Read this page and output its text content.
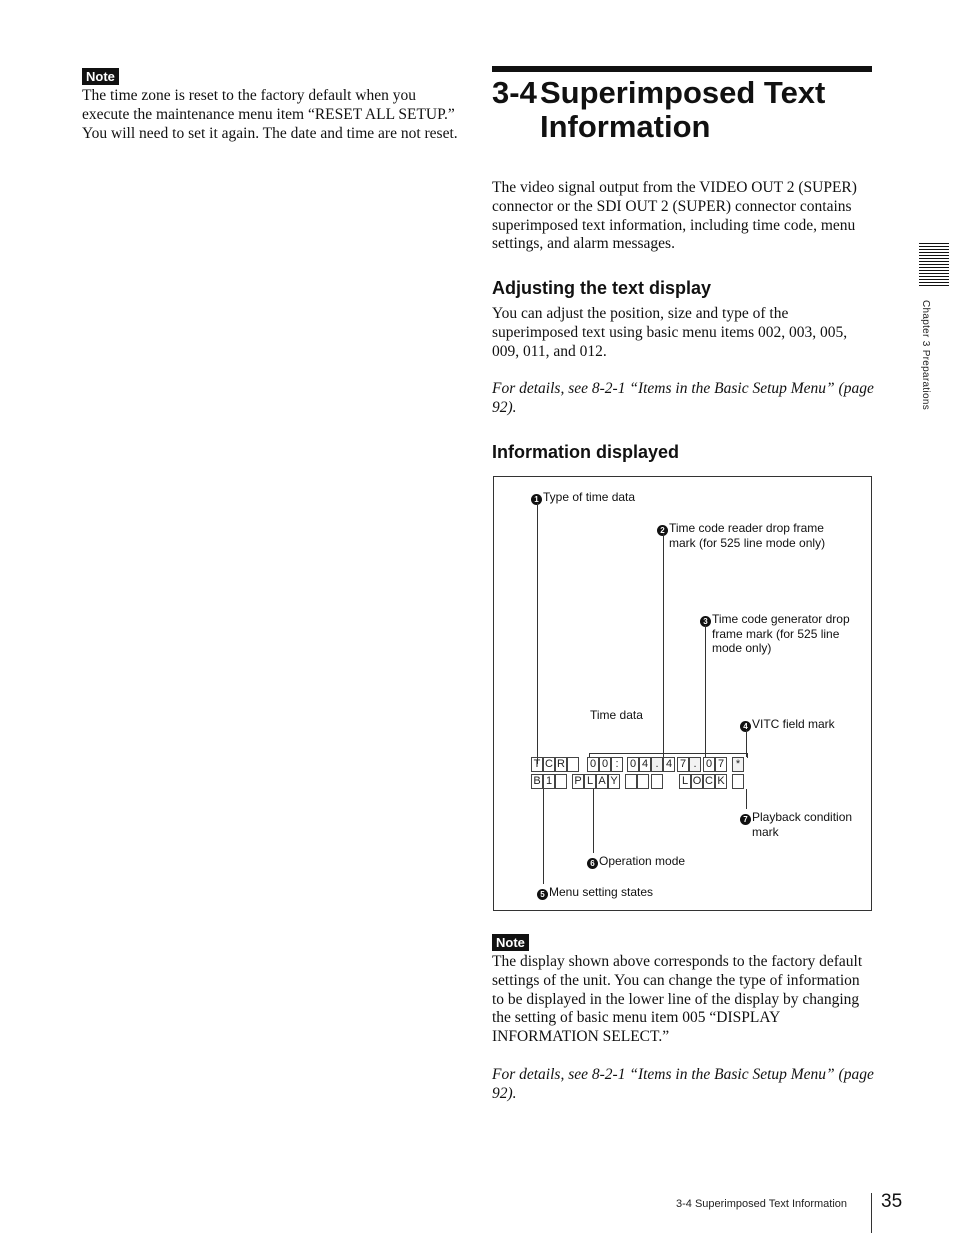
Note

The time zone is reset to the factory default when you execute the maintenance menu item “RESET ALL SETUP.” You will need to set it again. The date and time are not reset.

3-4 Superimposed Text
Information

The video signal output from the VIDEO OUT 2 (SUPER) connector or the SDI OUT 2 (SUPER) connector contains superimposed text information, including time code, menu settings, and alarm messages.

Adjusting the text display

You can adjust the position, size and type of the superimposed text using basic menu items 002, 003, 005, 009, 011, and 012.

For details, see 8-2-1 “Items in the Basic Setup Menu” (page 92).

Information displayed
1 Type of time data
2 Time code reader drop frame
mark (for 525 line mode only)
3 Time code generator drop
frame mark (for 525 line
mode only)
Time data
4 VITC field mark
T C R 0 0 :	0 4 . 4 7 . 0 7	*
B 1 P L A Y	L O C K
7 Playback condition
mark
6 Operation mode
5 Menu setting states
Note

The display shown above corresponds to the factory default settings of the unit. You can change the type of information to be displayed in the lower line of the display by changing the setting of basic menu item 005 “DISPLAY INFORMATION SELECT.”

For details, see 8-2-1 “Items in the Basic Setup Menu” (page 92).

Chapter 3 Preparations
3-4 Superimposed Text Information 35
